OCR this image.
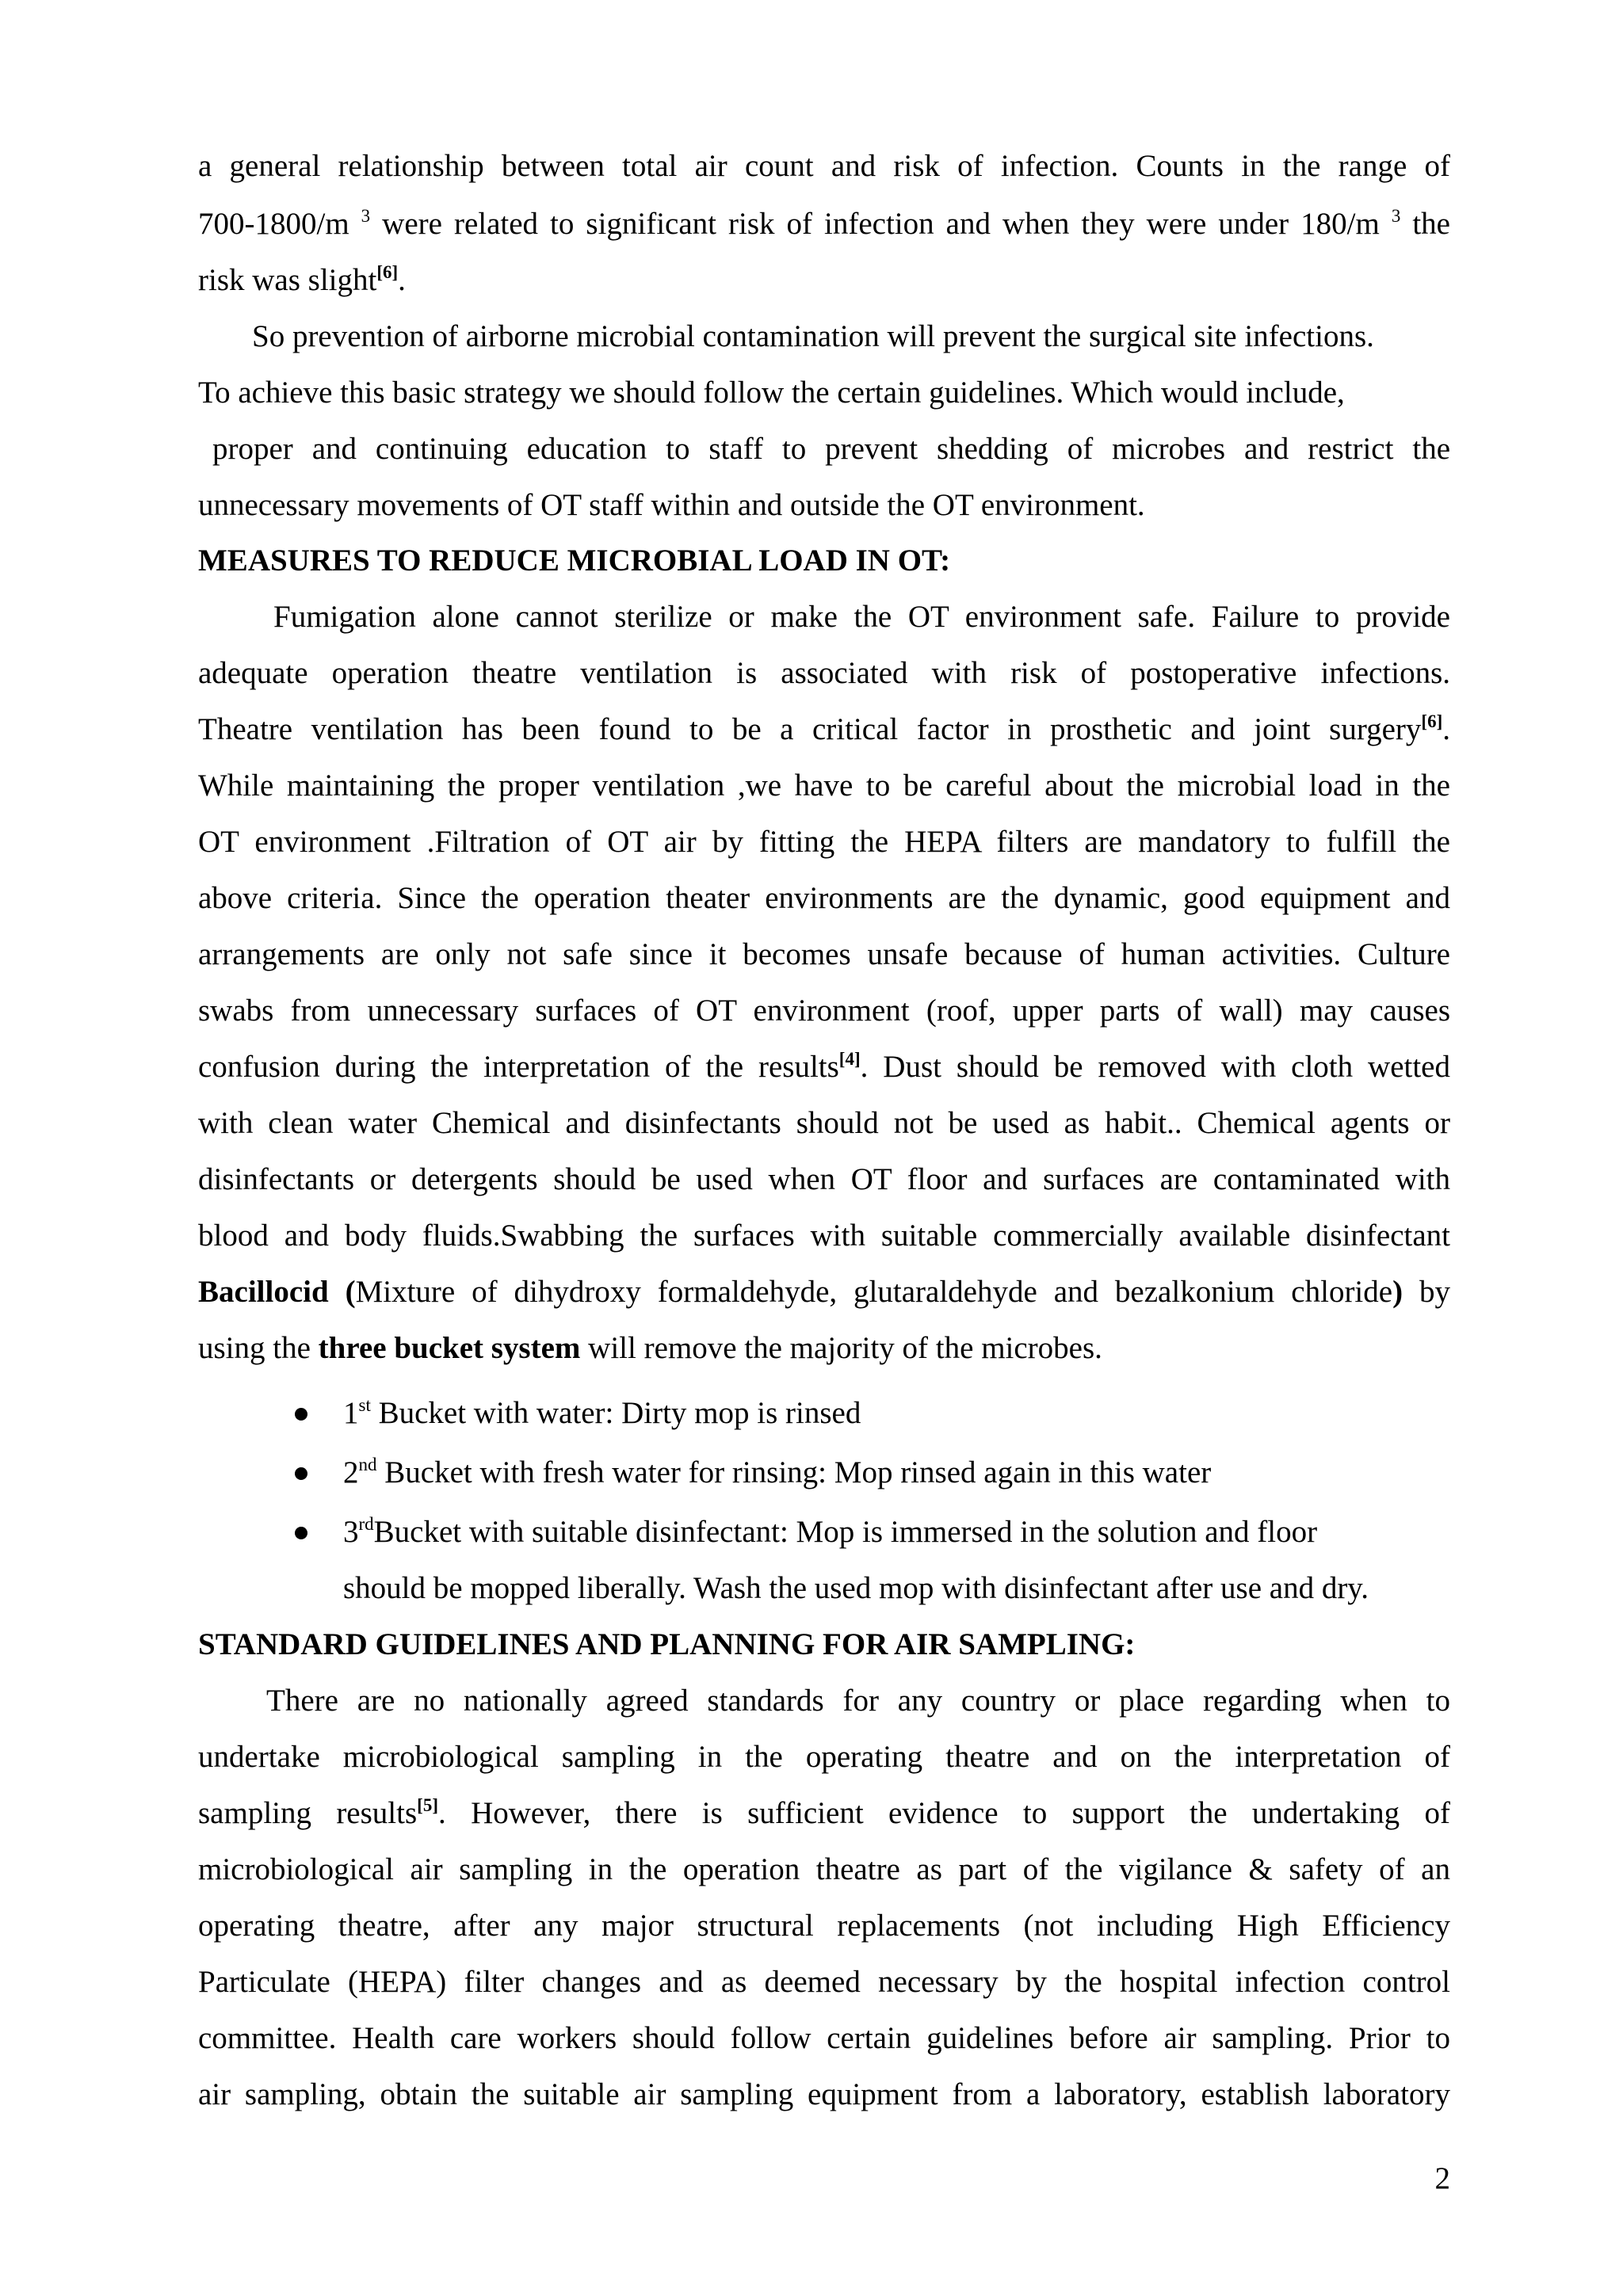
a general relationship between total air count and risk of infection. Counts in the range of
700-1800/m $^3$ were related to significant risk of infection and when they were under 180/m $^3$ the
risk was slight[6].
So prevention of airborne microbial contamination will prevent the surgical site infections.
To achieve this basic strategy we should follow the certain guidelines. Which would include,
proper and continuing education to staff to prevent shedding of microbes and restrict the
unnecessary movements of OT staff within and outside the OT environment.
MEASURES TO REDUCE MICROBIAL LOAD IN OT:
Fumigation alone cannot sterilize or make the OT environment safe. Failure to provide
adequate operation theatre ventilation is associated with risk of postoperative infections.
Theatre ventilation has been found to be a critical factor in prosthetic and joint surgery[6].
While maintaining the proper ventilation ,we have to be careful about the microbial load in the
OT environment .Filtration of OT air by fitting the HEPA filters are mandatory to fulfill the
above criteria. Since the operation theater environments are the dynamic, good equipment and
arrangements are only not safe since it becomes unsafe because of human activities. Culture
swabs from unnecessary surfaces of OT environment (roof, upper parts of wall) may causes
confusion during the interpretation of the results[4]. Dust should be removed with cloth wetted
with clean water Chemical and disinfectants should not be used as habit.. Chemical agents or
disinfectants or detergents should be used when OT floor and surfaces are contaminated with
blood and body fluids.Swabbing the surfaces with suitable commercially available disinfectant
Bacillocid (Mixture of dihydroxy formaldehyde, glutaraldehyde and bezalkonium chloride) by
using the three bucket system will remove the majority of the microbes.
1st Bucket with water: Dirty mop is rinsed
2nd Bucket with fresh water for rinsing: Mop rinsed again in this water
3rdBucket with suitable disinfectant: Mop is immersed in the solution and floor
should be mopped liberally. Wash the used mop with disinfectant after use and dry.
STANDARD GUIDELINES AND PLANNING FOR AIR SAMPLING:
There are no nationally agreed standards for any country or place regarding when to
undertake microbiological sampling in the operating theatre and on the interpretation of
sampling results[5]. However, there is sufficient evidence to support the undertaking of
microbiological air sampling in the operation theatre as part of the vigilance & safety of an
operating theatre, after any major structural replacements (not including High Efficiency
Particulate (HEPA) filter changes and as deemed necessary by the hospital infection control
committee. Health care workers should follow certain guidelines before air sampling. Prior to
air sampling, obtain the suitable air sampling equipment from a laboratory, establish laboratory
2
